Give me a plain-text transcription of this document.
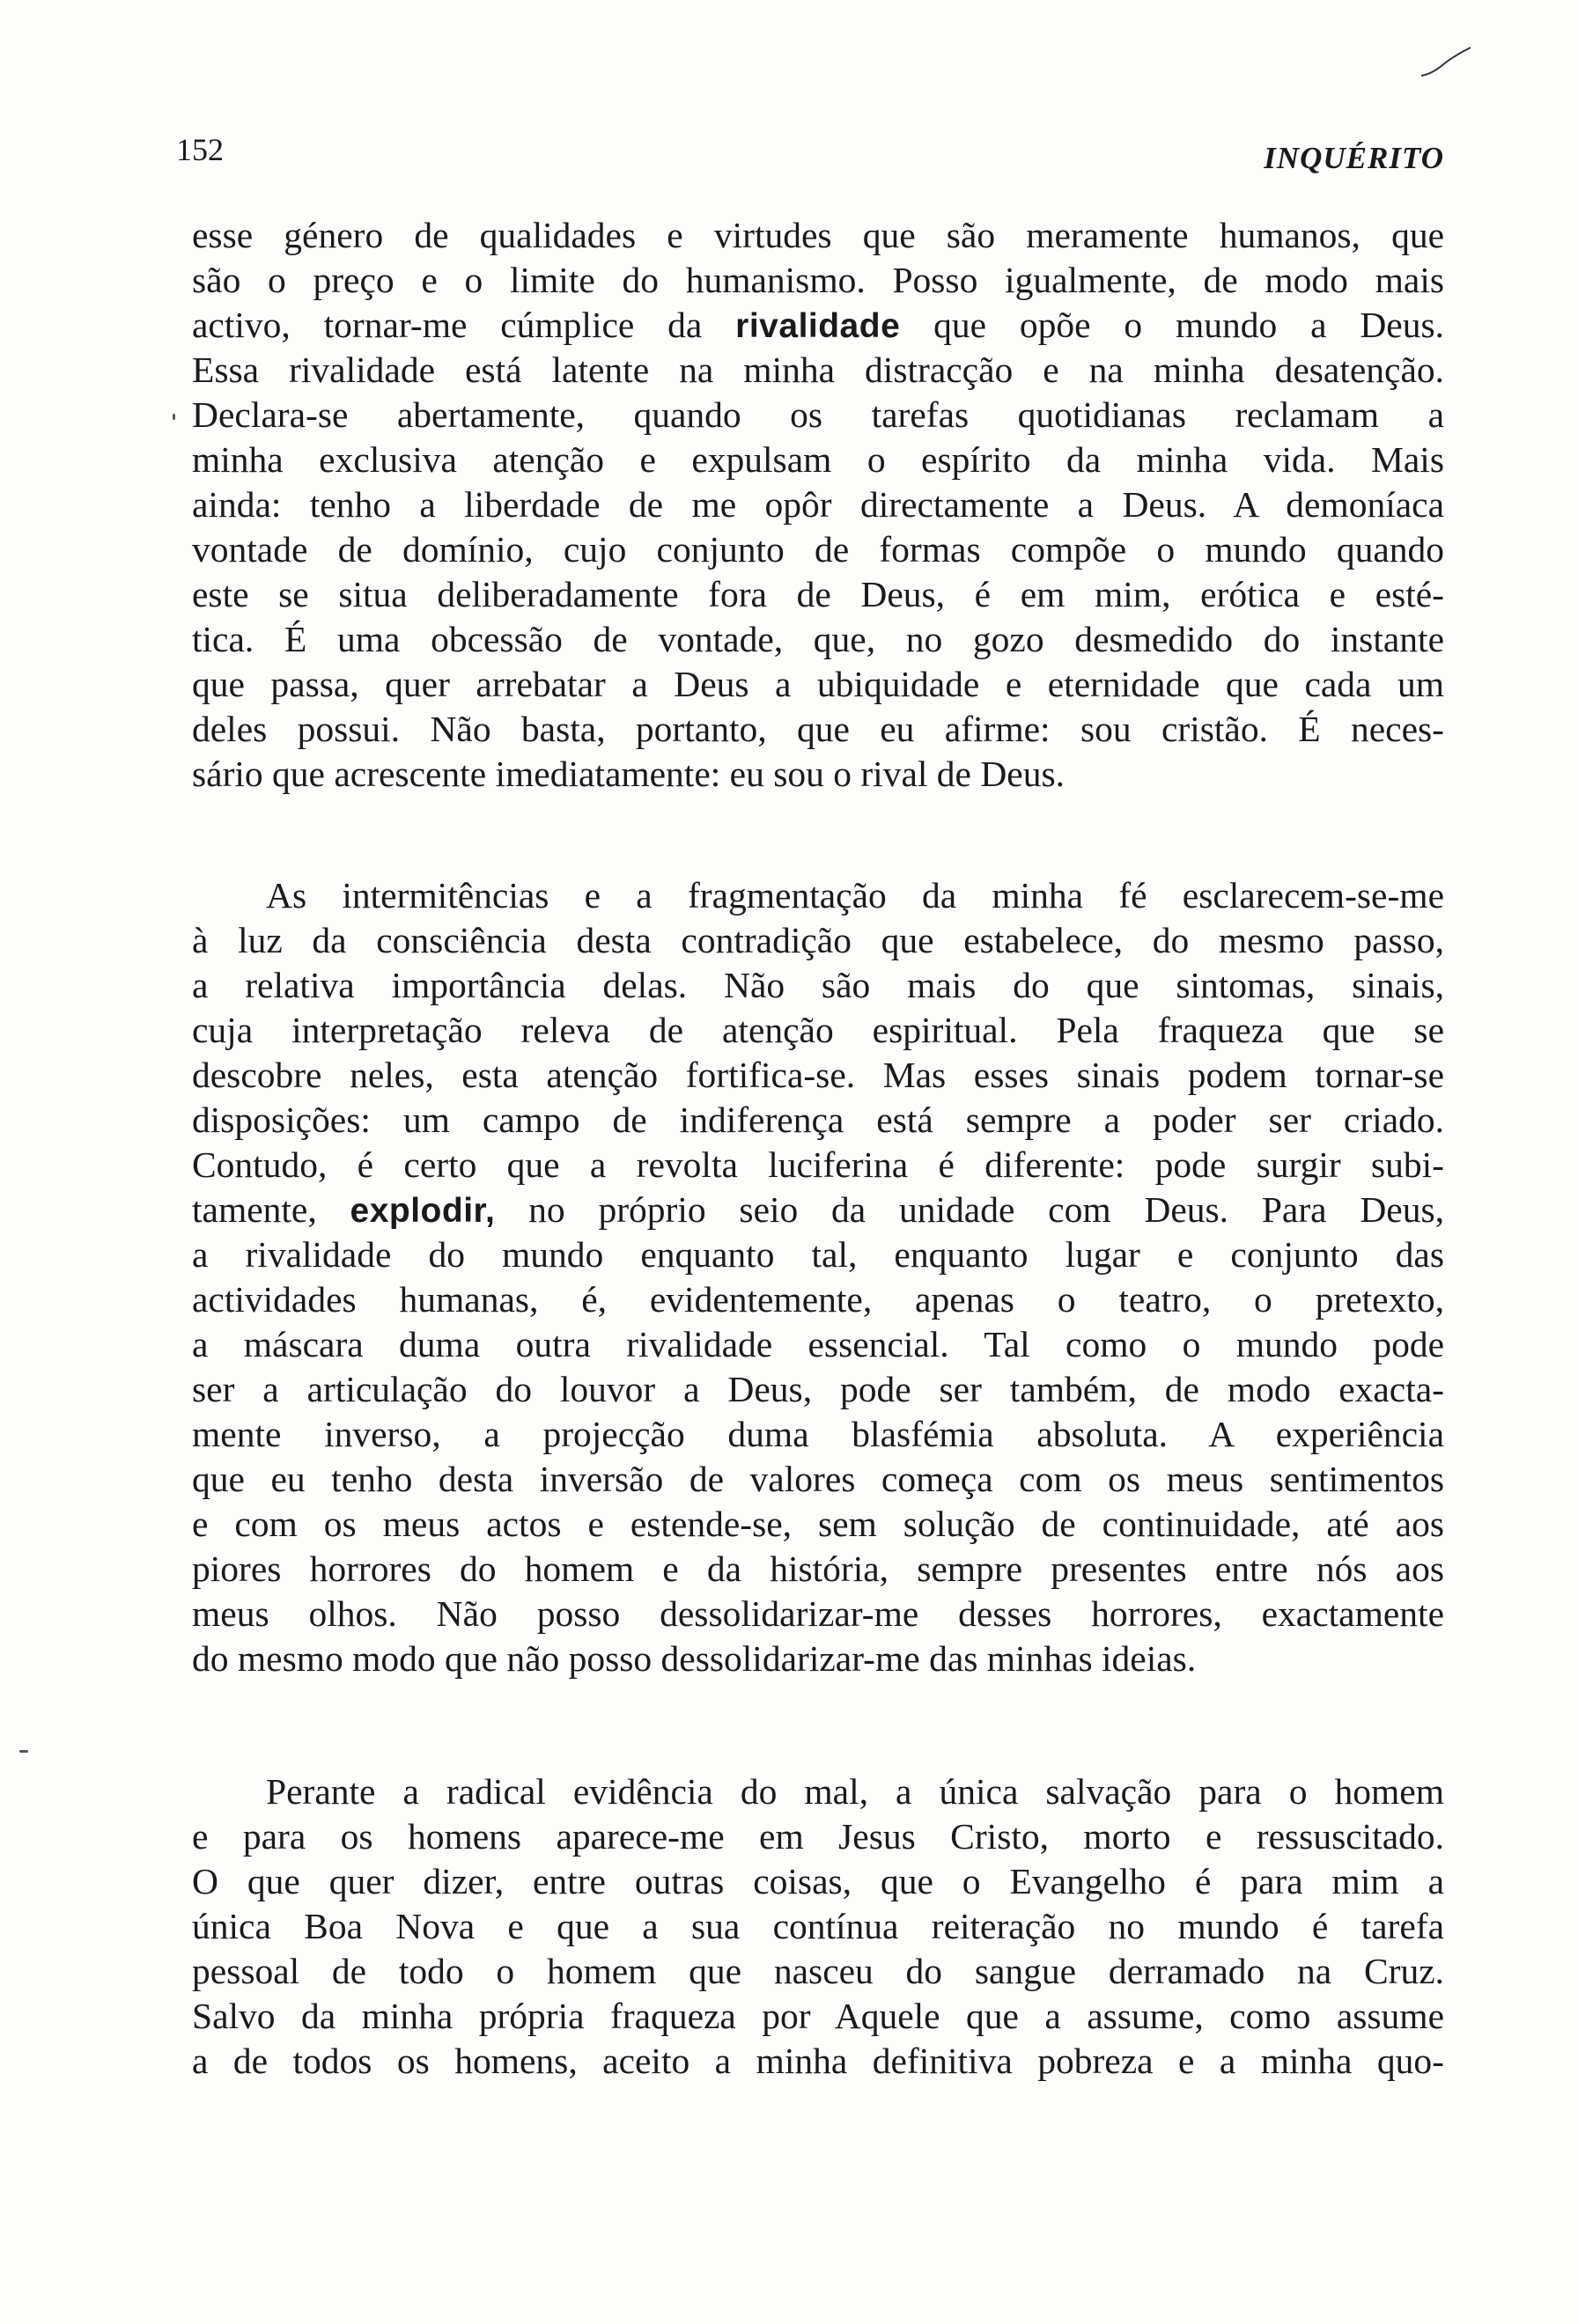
152	INQUÉRITO
esse género de qualidades e virtudes que são meramente humanos, que
são o preço e o limite do humanismo. Posso igualmente, de modo mais
activo, tornar-me cúmplice da rivalidade que opõe o mundo a Deus.
Essa rivalidade está latente na minha distracção e na minha desatenção.
Declara-se abertamente, quando os tarefas quotidianas reclamam a
minha exclusiva atenção e expulsam o espírito da minha vida. Mais
ainda: tenho a liberdade de me opôr directamente a Deus. A demoníaca
vontade de domínio, cujo conjunto de formas compõe o mundo quando
este se situa deliberadamente fora de Deus, é em mim, erótica e esté-
tica. É uma obcessão de vontade, que, no gozo desmedido do instante
que passa, quer arrebatar a Deus a ubiquidade e eternidade que cada um
deles possui. Não basta, portanto, que eu afirme: sou cristão. É neces-
sário que acrescente imediatamente: eu sou o rival de Deus.
As intermitências e a fragmentação da minha fé esclarecem-se-me
à luz da consciência desta contradição que estabelece, do mesmo passo,
a relativa importância delas. Não são mais do que sintomas, sinais,
cuja interpretação releva de atenção espiritual. Pela fraqueza que se
descobre neles, esta atenção fortifica-se. Mas esses sinais podem tornar-se
disposições: um campo de indiferença está sempre a poder ser criado.
Contudo, é certo que a revolta luciferina é diferente: pode surgir subi-
tamente, explodir, no próprio seio da unidade com Deus. Para Deus,
a rivalidade do mundo enquanto tal, enquanto lugar e conjunto das
actividades humanas, é, evidentemente, apenas o teatro, o pretexto,
a máscara duma outra rivalidade essencial. Tal como o mundo pode
ser a articulação do louvor a Deus, pode ser também, de modo exacta-
mente inverso, a projecção duma blasfémia absoluta. A experiência
que eu tenho desta inversão de valores começa com os meus sentimentos
e com os meus actos e estende-se, sem solução de continuidade, até aos
piores horrores do homem e da história, sempre presentes entre nós aos
meus olhos. Não posso dessolidarizar-me desses horrores, exactamente
do mesmo modo que não posso dessolidarizar-me das minhas ideias.
Perante a radical evidência do mal, a única salvação para o homem
e para os homens aparece-me em Jesus Cristo, morto e ressuscitado.
O que quer dizer, entre outras coisas, que o Evangelho é para mim a
única Boa Nova e que a sua contínua reiteração no mundo é tarefa
pessoal de todo o homem que nasceu do sangue derramado na Cruz.
Salvo da minha própria fraqueza por Aquele que a assume, como assume
a de todos os homens, aceito a minha definitiva pobreza e a minha quo-
